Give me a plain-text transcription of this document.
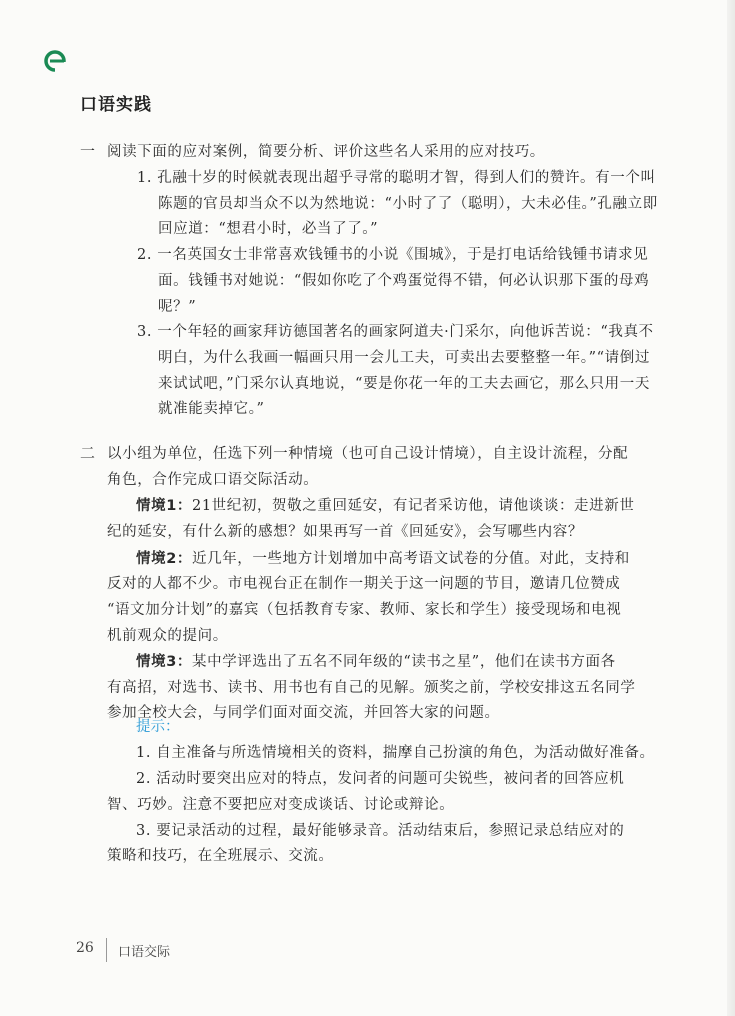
口语实践
一 阅读下面的应对案例，简要分析、评价这些名人采用的应对技巧。
1. 孔融十岁的时候就表现出超乎寻常的聪明才智，得到人们的赞许。有一个叫
陈题的官员却当众不以为然地说：“小时了了（聪明），大未必佳。”孔融立即
回应道：“想君小时，必当了了。”
2. 一名英国女士非常喜欢钱锺书的小说《围城》，于是打电话给钱锺书请求见
面。钱锺书对她说：“假如你吃了个鸡蛋觉得不错，何必认识那下蛋的母鸡
呢？”
3. 一个年轻的画家拜访德国著名的画家阿道夫·门采尔，向他诉苦说：“我真不
明白，为什么我画一幅画只用一会儿工夫，可卖出去要整整一年。”“请倒过
来试试吧，”门采尔认真地说，“要是你花一年的工夫去画它，那么只用一天
就准能卖掉它。”
二 以小组为单位，任选下列一种情境（也可自己设计情境），自主设计流程，分配
角色，合作完成口语交际活动。
情境1： 21世纪初，贺敬之重回延安，有记者采访他，请他谈谈：走进新世
纪的延安，有什么新的感想？如果再写一首《回延安》，会写哪些内容？
情境2： 近几年，一些地方计划增加中高考语文试卷的分值。对此，支持和
反对的人都不少。市电视台正在制作一期关于这一问题的节目，邀请几位赞成
“语文加分计划”的嘉宾（包括教育专家、教师、家长和学生）接受现场和电视
机前观众的提问。
情境3： 某中学评选出了五名不同年级的“读书之星”，他们在读书方面各
有高招，对选书、读书、用书也有自己的见解。颁奖之前，学校安排这五名同学
参加全校大会，与同学们面对面交流，并回答大家的问题。
提示：
1. 自主准备与所选情境相关的资料，揣摩自己扮演的角色，为活动做好准备。
2. 活动时要突出应对的特点，发问者的问题可尖锐些，被问者的回答应机
智、巧妙。注意不要把应对变成谈话、讨论或辩论。
3. 要记录活动的过程，最好能够录音。活动结束后，参照记录总结应对的
策略和技巧，在全班展示、交流。
26 口语交际
